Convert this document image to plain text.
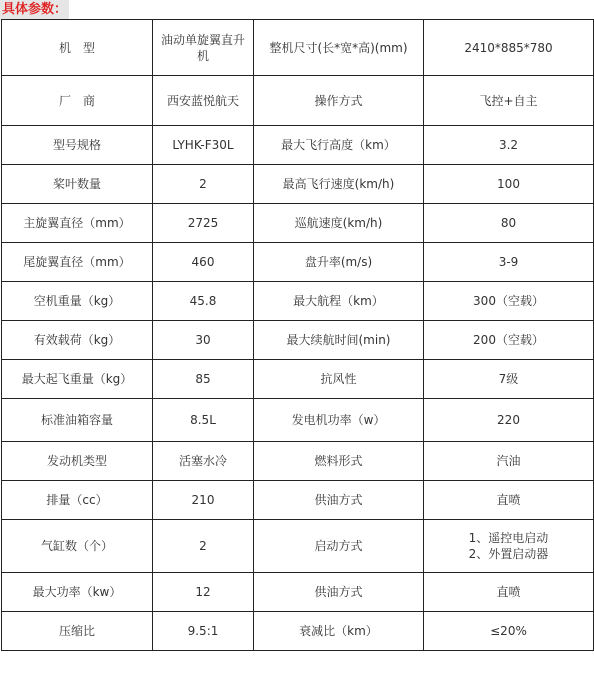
具体参数：
机　型	油动单旋翼直升机	整机尺寸(长*宽*高)(mm)	2410*885*780

厂　商	西安蓝悦航天	操作方式	飞控+自主

型号规格	LYHK-F30L	最大飞行高度（km）	3.2

桨叶数量	2	最高飞行速度(km/h)	100

主旋翼直径（mm）	2725	巡航速度(km/h)	80

尾旋翼直径（mm）	460	盘升率(m/s)	3-9

空机重量（kg）	45.8	最大航程（km）	300（空载）

有效载荷（kg）	30	最大续航时间(min)	200（空载）

最大起飞重量（kg）	85	抗风性	7级

标准油箱容量	8.5L	发电机功率（w）	220

发动机类型	活塞水冷	燃料形式	汽油

排量（cc）	210	供油方式	直喷

气缸数（个）	2	启动方式	1、遥控电启动
2、外置启动器

最大功率（kw）	12	供油方式	直喷

压缩比	9.5:1	衰减比（km）	≤20%
